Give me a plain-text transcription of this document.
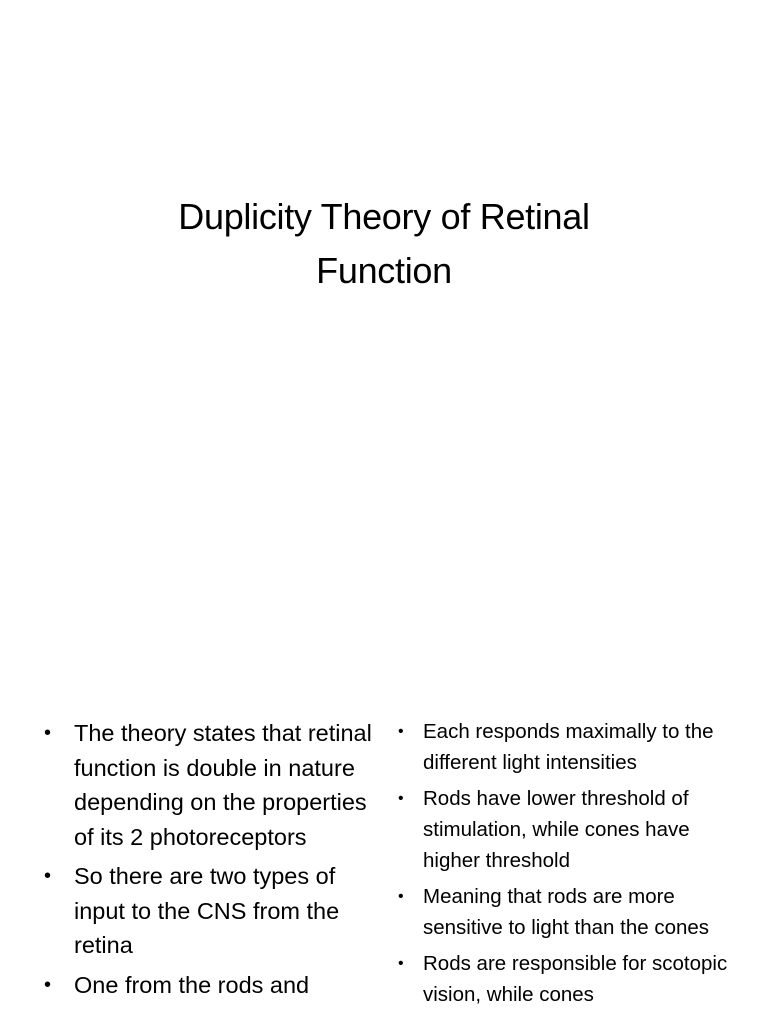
Duplicity Theory of Retinal
Function
• The theory states that retinal function is double in nature depending on the properties of its 2 photoreceptors
• So there are two types of input to the CNS from the retina
• One from the rods and
• Each responds maximally to the different light intensities
• Rods have lower threshold of stimulation, while cones have higher threshold
• Meaning that rods are more sensitive to light than the cones
• Rods are responsible for scotopic vision, while cones
